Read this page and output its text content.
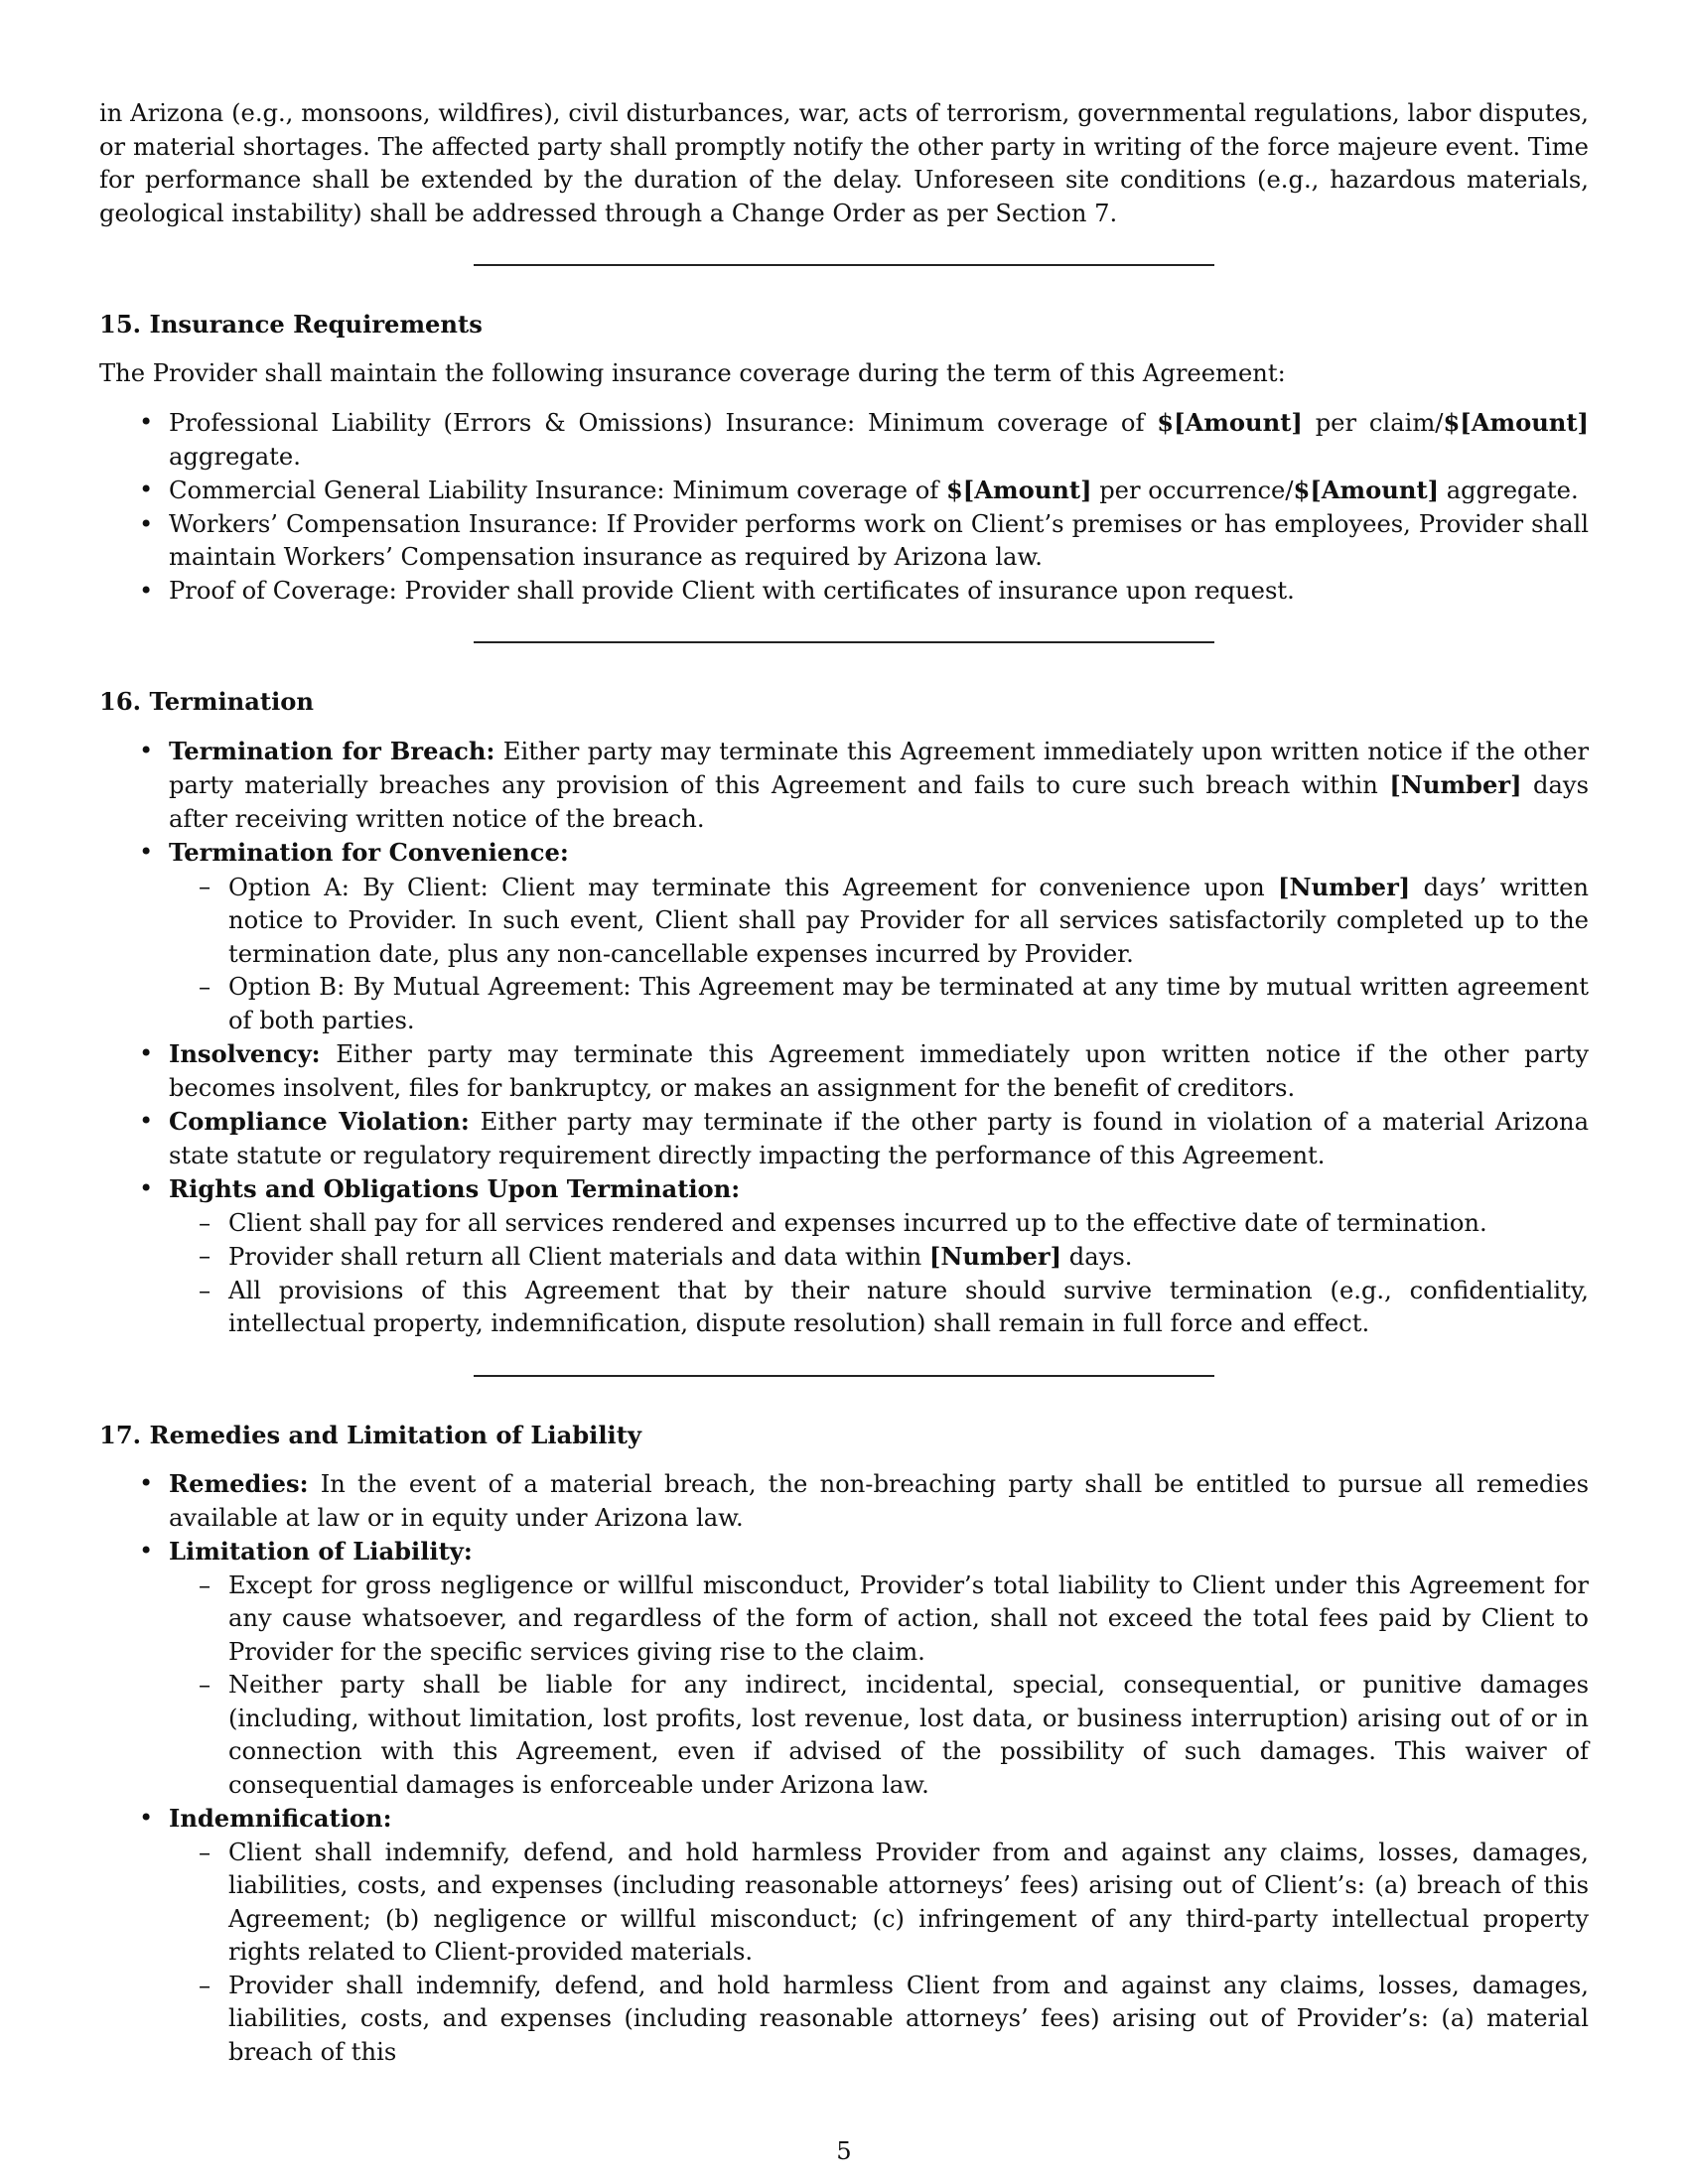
in Arizona (e.g., monsoons, wildfires), civil disturbances, war, acts of terrorism, governmental regulations, labor disputes, or material shortages. The affected party shall promptly notify the other party in writing of the force majeure event. Time for performance shall be extended by the duration of the delay. Unforeseen site conditions (e.g., hazardous materials, geological instability) shall be addressed through a Change Order as per Section 7.

15. Insurance Requirements

The Provider shall maintain the following insurance coverage during the term of this Agreement:

• Professional Liability (Errors & Omissions) Insurance: Minimum coverage of $[Amount] per claim/$[Amount] aggregate.
• Commercial General Liability Insurance: Minimum coverage of $[Amount] per occurrence/$[Amount] aggregate.
• Workers’ Compensation Insurance: If Provider performs work on Client’s premises or has employees, Provider shall maintain Workers’ Compensation insurance as required by Arizona law.
• Proof of Coverage: Provider shall provide Client with certificates of insurance upon request.

16. Termination

• Termination for Breach: Either party may terminate this Agreement immediately upon written notice if the other party materially breaches any provision of this Agreement and fails to cure such breach within [Number] days after receiving written notice of the breach.
• Termination for Convenience:
– Option A: By Client: Client may terminate this Agreement for convenience upon [Number] days’ written notice to Provider. In such event, Client shall pay Provider for all services satisfactorily completed up to the termination date, plus any non-cancellable expenses incurred by Provider.
– Option B: By Mutual Agreement: This Agreement may be terminated at any time by mutual written agreement of both parties.
• Insolvency: Either party may terminate this Agreement immediately upon written notice if the other party becomes insolvent, files for bankruptcy, or makes an assignment for the benefit of creditors.
• Compliance Violation: Either party may terminate if the other party is found in violation of a material Arizona state statute or regulatory requirement directly impacting the performance of this Agreement.
• Rights and Obligations Upon Termination:
– Client shall pay for all services rendered and expenses incurred up to the effective date of termination.
– Provider shall return all Client materials and data within [Number] days.
– All provisions of this Agreement that by their nature should survive termination (e.g., confidentiality, intellectual property, indemnification, dispute resolution) shall remain in full force and effect.

17. Remedies and Limitation of Liability

• Remedies: In the event of a material breach, the non-breaching party shall be entitled to pursue all remedies available at law or in equity under Arizona law.
• Limitation of Liability:
– Except for gross negligence or willful misconduct, Provider’s total liability to Client under this Agreement for any cause whatsoever, and regardless of the form of action, shall not exceed the total fees paid by Client to Provider for the specific services giving rise to the claim.
– Neither party shall be liable for any indirect, incidental, special, consequential, or punitive damages (including, without limitation, lost profits, lost revenue, lost data, or business interruption) arising out of or in connection with this Agreement, even if advised of the possibility of such damages. This waiver of consequential damages is enforceable under Arizona law.
• Indemnification:
– Client shall indemnify, defend, and hold harmless Provider from and against any claims, losses, damages, liabilities, costs, and expenses (including reasonable attorneys’ fees) arising out of Client’s: (a) breach of this Agreement; (b) negligence or willful misconduct; (c) infringement of any third-party intellectual property rights related to Client-provided materials.
– Provider shall indemnify, defend, and hold harmless Client from and against any claims, losses, damages, liabilities, costs, and expenses (including reasonable attorneys’ fees) arising out of Provider’s: (a) material breach of this
5
